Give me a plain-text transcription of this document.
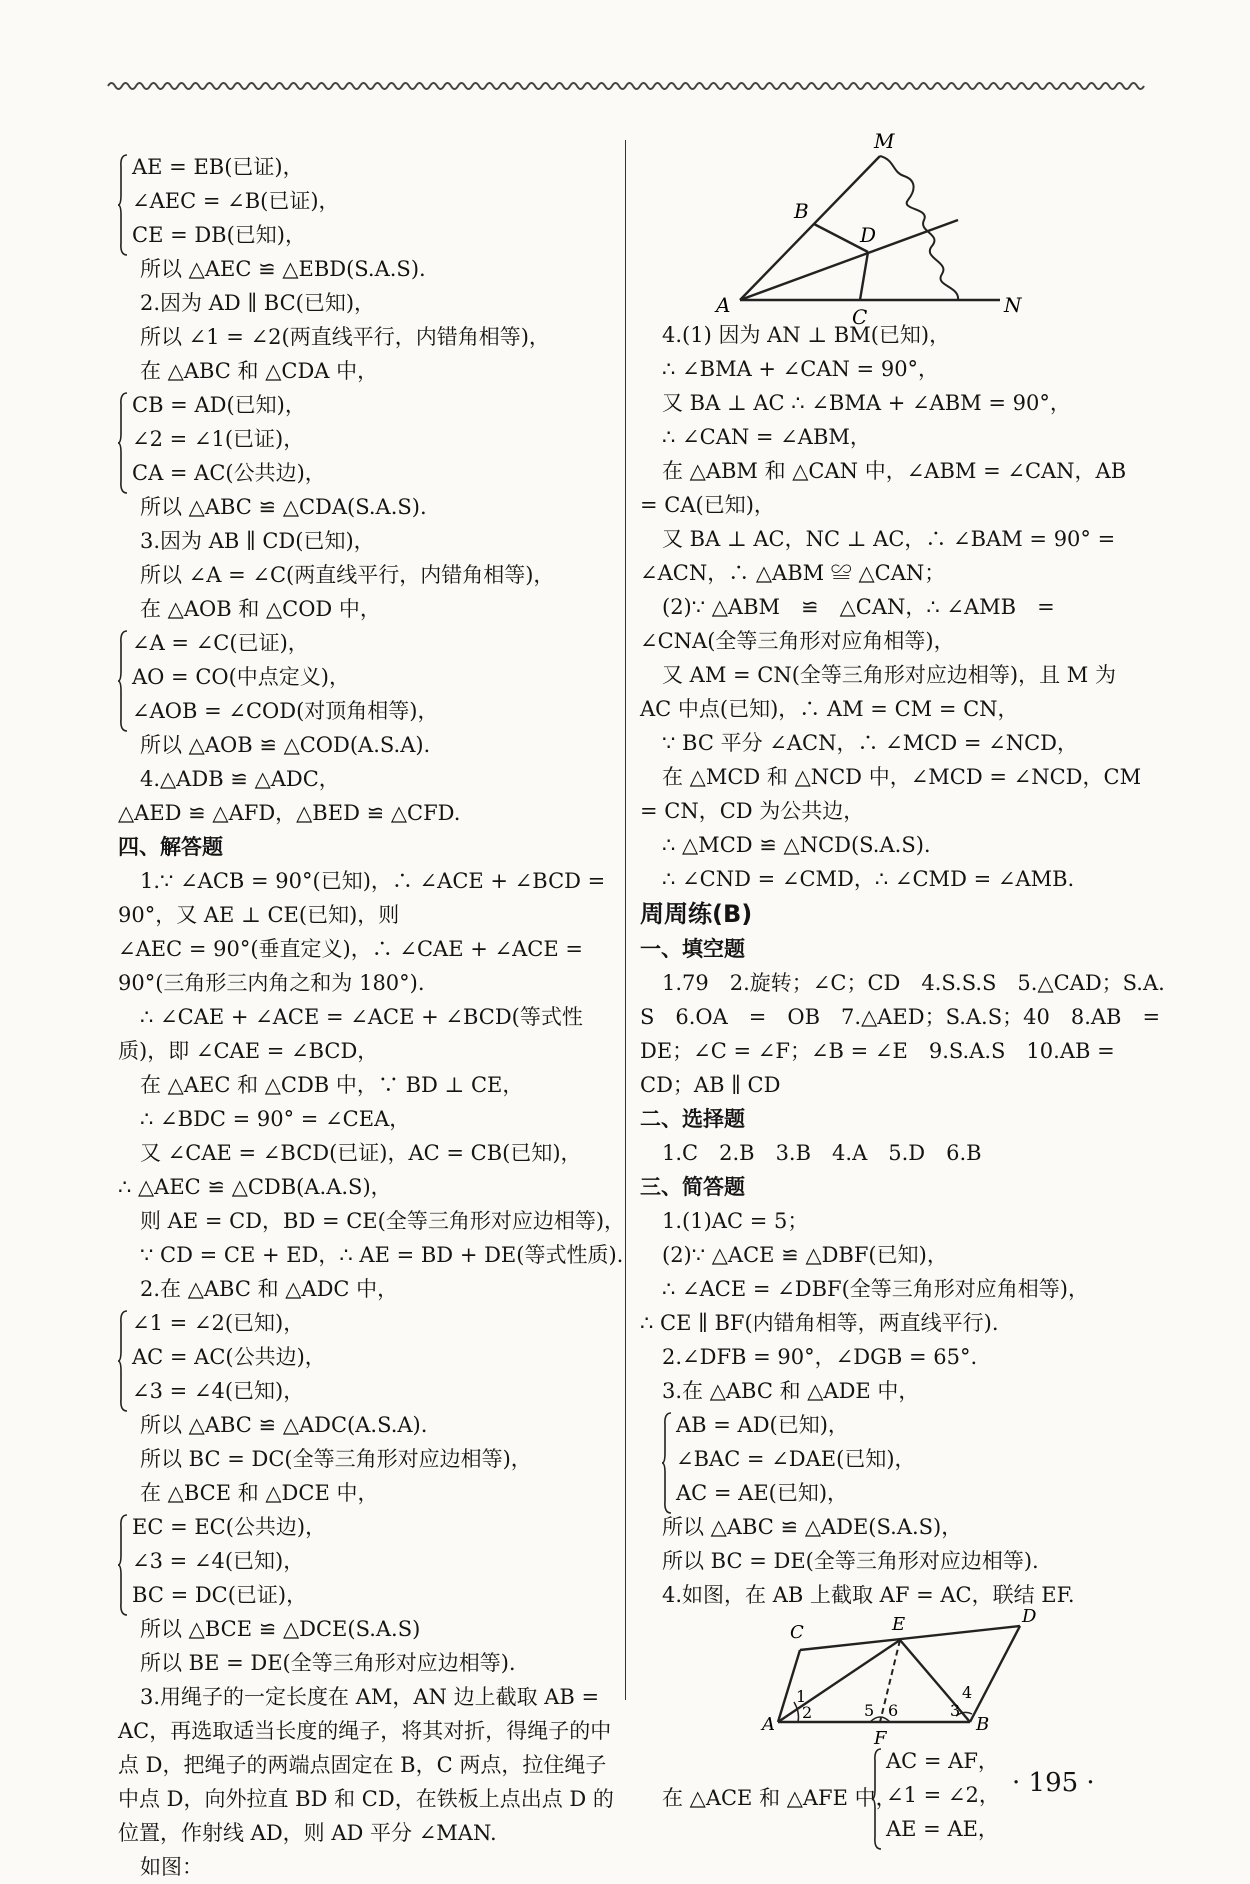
AE = EB(已证)，
∠AEC = ∠B(已证)，
CE = DB(已知)，
所以 △AEC ≌ △EBD(S.A.S).
2.因为 AD ∥ BC(已知)，
所以 ∠1 = ∠2(两直线平行，内错角相等)，
在 △ABC 和 △CDA 中，
CB = AD(已知)，
∠2 = ∠1(已证)，
CA = AC(公共边)，
所以 △ABC ≌ △CDA(S.A.S).
3.因为 AB ∥ CD(已知)，
所以 ∠A = ∠C(两直线平行，内错角相等)，
在 △AOB 和 △COD 中，
∠A = ∠C(已证)，
AO = CO(中点定义)，
∠AOB = ∠COD(对顶角相等)，
所以 △AOB ≌ △COD(A.S.A).
4.△ADB ≌ △ADC，
△AED ≌ △AFD，△BED ≌ △CFD.
四、解答题
1.∵ ∠ACB = 90°(已知)，∴ ∠ACE + ∠BCD =
90°，又 AE ⊥ CE(已知)，则
∠AEC = 90°(垂直定义)，∴ ∠CAE + ∠ACE =
90°(三角形三内角之和为 180°).
∴ ∠CAE + ∠ACE = ∠ACE + ∠BCD(等式性
质)，即 ∠CAE = ∠BCD，
在 △AEC 和 △CDB 中，∵ BD ⊥ CE，
∴ ∠BDC = 90° = ∠CEA，
又 ∠CAE = ∠BCD(已证)，AC = CB(已知)，
∴ △AEC ≌ △CDB(A.A.S)，
则 AE = CD，BD = CE(全等三角形对应边相等)，
∵ CD = CE + ED，∴ AE = BD + DE(等式性质).
2.在 △ABC 和 △ADC 中，
∠1 = ∠2(已知)，
AC = AC(公共边)，
∠3 = ∠4(已知)，
所以 △ABC ≌ △ADC(A.S.A).
所以 BC = DC(全等三角形对应边相等)，
在 △BCE 和 △DCE 中，
EC = EC(公共边)，
∠3 = ∠4(已知)，
BC = DC(已证)，
所以 △BCE ≌ △DCE(S.A.S)
所以 BE = DE(全等三角形对应边相等).
3.用绳子的一定长度在 AM，AN 边上截取 AB =
AC，再选取适当长度的绳子，将其对折，得绳子的中
点 D，把绳子的两端点固定在 B，C 两点，拉住绳子
中点 D，向外拉直 BD 和 CD，在铁板上点出点 D 的
位置，作射线 AD，则 AD 平分 ∠MAN.
如图：
M
B
D
A	C	N
4.(1) 因为 AN ⊥ BM(已知)，
∴ ∠BMA + ∠CAN = 90°，
又 BA ⊥ AC ∴ ∠BMA + ∠ABM = 90°，
∴ ∠CAN = ∠ABM，
在 △ABM 和 △CAN 中，∠ABM = ∠CAN，AB
= CA(已知)，
又 BA ⊥ AC，NC ⊥ AC，∴ ∠BAM = 90° =
∠ACN，∴ △ABM ≌ △CAN；
(2)∵ △ABM　≌　△CAN，∴ ∠AMB　=
∠CNA(全等三角形对应角相等)，
又 AM = CN(全等三角形对应边相等)，且 M 为
AC 中点(已知)，∴ AM = CM = CN，
∵ BC 平分 ∠ACN，∴ ∠MCD = ∠NCD，
在 △MCD 和 △NCD 中，∠MCD = ∠NCD，CM
= CN，CD 为公共边，
∴ △MCD ≌ △NCD(S.A.S).
∴ ∠CND = ∠CMD，∴ ∠CMD = ∠AMB.
周周练(B)
一、填空题
1.79　2.旋转；∠C；CD　4.S.S.S　5.△CAD；S.A.
S　6.OA　=　OB　7.△AED；S.A.S；40　8.AB　=
DE；∠C = ∠F；∠B = ∠E　9.S.A.S　10.AB =
CD；AB ∥ CD
二、选择题
1.C　2.B　3.B　4.A　5.D　6.B
三、简答题
1.(1)AC = 5；
(2)∵ △ACE ≌ △DBF(已知)，
∴ ∠ACE = ∠DBF(全等三角形对应角相等)，
∴ CE ∥ BF(内错角相等，两直线平行).
2.∠DFB = 90°，∠DGB = 65°.
3.在 △ABC 和 △ADE 中，
AB = AD(已知)，
∠BAC = ∠DAE(已知)，
AC = AE(已知)，
所以 △ABC ≌ △ADE(S.A.S)，
所以 BC = DE(全等三角形对应边相等).
4.如图，在 AB 上截取 AF = AC，联结 EF.
C	E	D
A
F
B
1
2	3
4
5 6
在 △ACE 和 △AFE 中，
AC = AF，
∠1 = ∠2，
AE = AE，
· 195 ·
